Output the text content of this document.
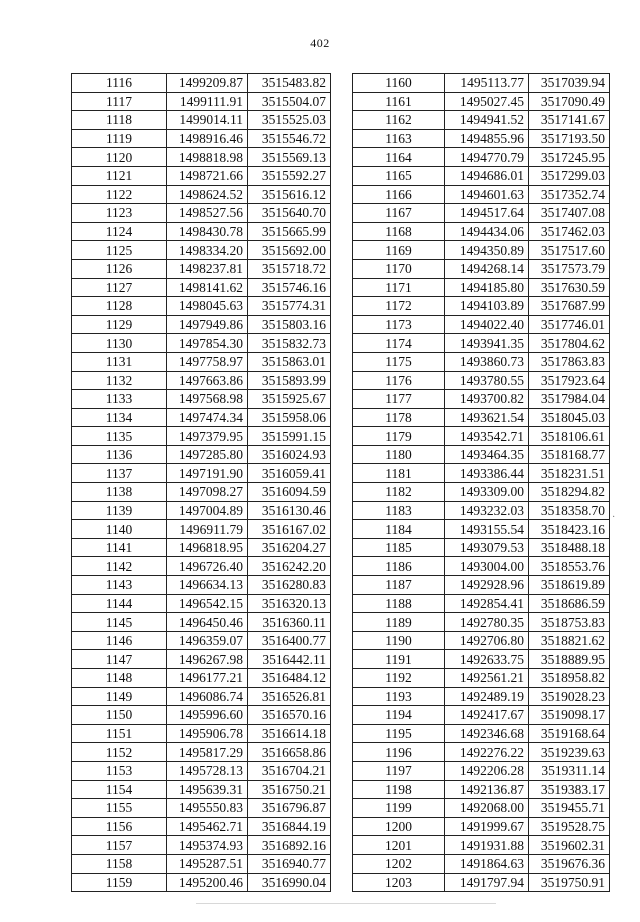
402
1116	1499209.87	3515483.82
1117	1499111.91	3515504.07
1118	1499014.11	3515525.03
1119	1498916.46	3515546.72
1120	1498818.98	3515569.13
1121	1498721.66	3515592.27
1122	1498624.52	3515616.12
1123	1498527.56	3515640.70
1124	1498430.78	3515665.99
1125	1498334.20	3515692.00
1126	1498237.81	3515718.72
1127	1498141.62	3515746.16
1128	1498045.63	3515774.31
1129	1497949.86	3515803.16
1130	1497854.30	3515832.73
1131	1497758.97	3515863.01
1132	1497663.86	3515893.99
1133	1497568.98	3515925.67
1134	1497474.34	3515958.06
1135	1497379.95	3515991.15
1136	1497285.80	3516024.93
1137	1497191.90	3516059.41
1138	1497098.27	3516094.59
1139	1497004.89	3516130.46
1140	1496911.79	3516167.02
1141	1496818.95	3516204.27
1142	1496726.40	3516242.20
1143	1496634.13	3516280.83
1144	1496542.15	3516320.13
1145	1496450.46	3516360.11
1146	1496359.07	3516400.77
1147	1496267.98	3516442.11
1148	1496177.21	3516484.12
1149	1496086.74	3516526.81
1150	1495996.60	3516570.16
1151	1495906.78	3516614.18
1152	1495817.29	3516658.86
1153	1495728.13	3516704.21
1154	1495639.31	3516750.21
1155	1495550.83	3516796.87
1156	1495462.71	3516844.19
1157	1495374.93	3516892.16
1158	1495287.51	3516940.77
1159	1495200.46	3516990.04
1160	1495113.77	3517039.94
1161	1495027.45	3517090.49
1162	1494941.52	3517141.67
1163	1494855.96	3517193.50
1164	1494770.79	3517245.95
1165	1494686.01	3517299.03
1166	1494601.63	3517352.74
1167	1494517.64	3517407.08
1168	1494434.06	3517462.03
1169	1494350.89	3517517.60
1170	1494268.14	3517573.79
1171	1494185.80	3517630.59
1172	1494103.89	3517687.99
1173	1494022.40	3517746.01
1174	1493941.35	3517804.62
1175	1493860.73	3517863.83
1176	1493780.55	3517923.64
1177	1493700.82	3517984.04
1178	1493621.54	3518045.03
1179	1493542.71	3518106.61
1180	1493464.35	3518168.77
1181	1493386.44	3518231.51
1182	1493309.00	3518294.82
1183	1493232.03	3518358.70
1184	1493155.54	3518423.16
1185	1493079.53	3518488.18
1186	1493004.00	3518553.76
1187	1492928.96	3518619.89
1188	1492854.41	3518686.59
1189	1492780.35	3518753.83
1190	1492706.80	3518821.62
1191	1492633.75	3518889.95
1192	1492561.21	3518958.82
1193	1492489.19	3519028.23
1194	1492417.67	3519098.17
1195	1492346.68	3519168.64
1196	1492276.22	3519239.63
1197	1492206.28	3519311.14
1198	1492136.87	3519383.17
1199	1492068.00	3519455.71
1200	1491999.67	3519528.75
1201	1491931.88	3519602.31
1202	1491864.63	3519676.36
1203	1491797.94	3519750.91
·
